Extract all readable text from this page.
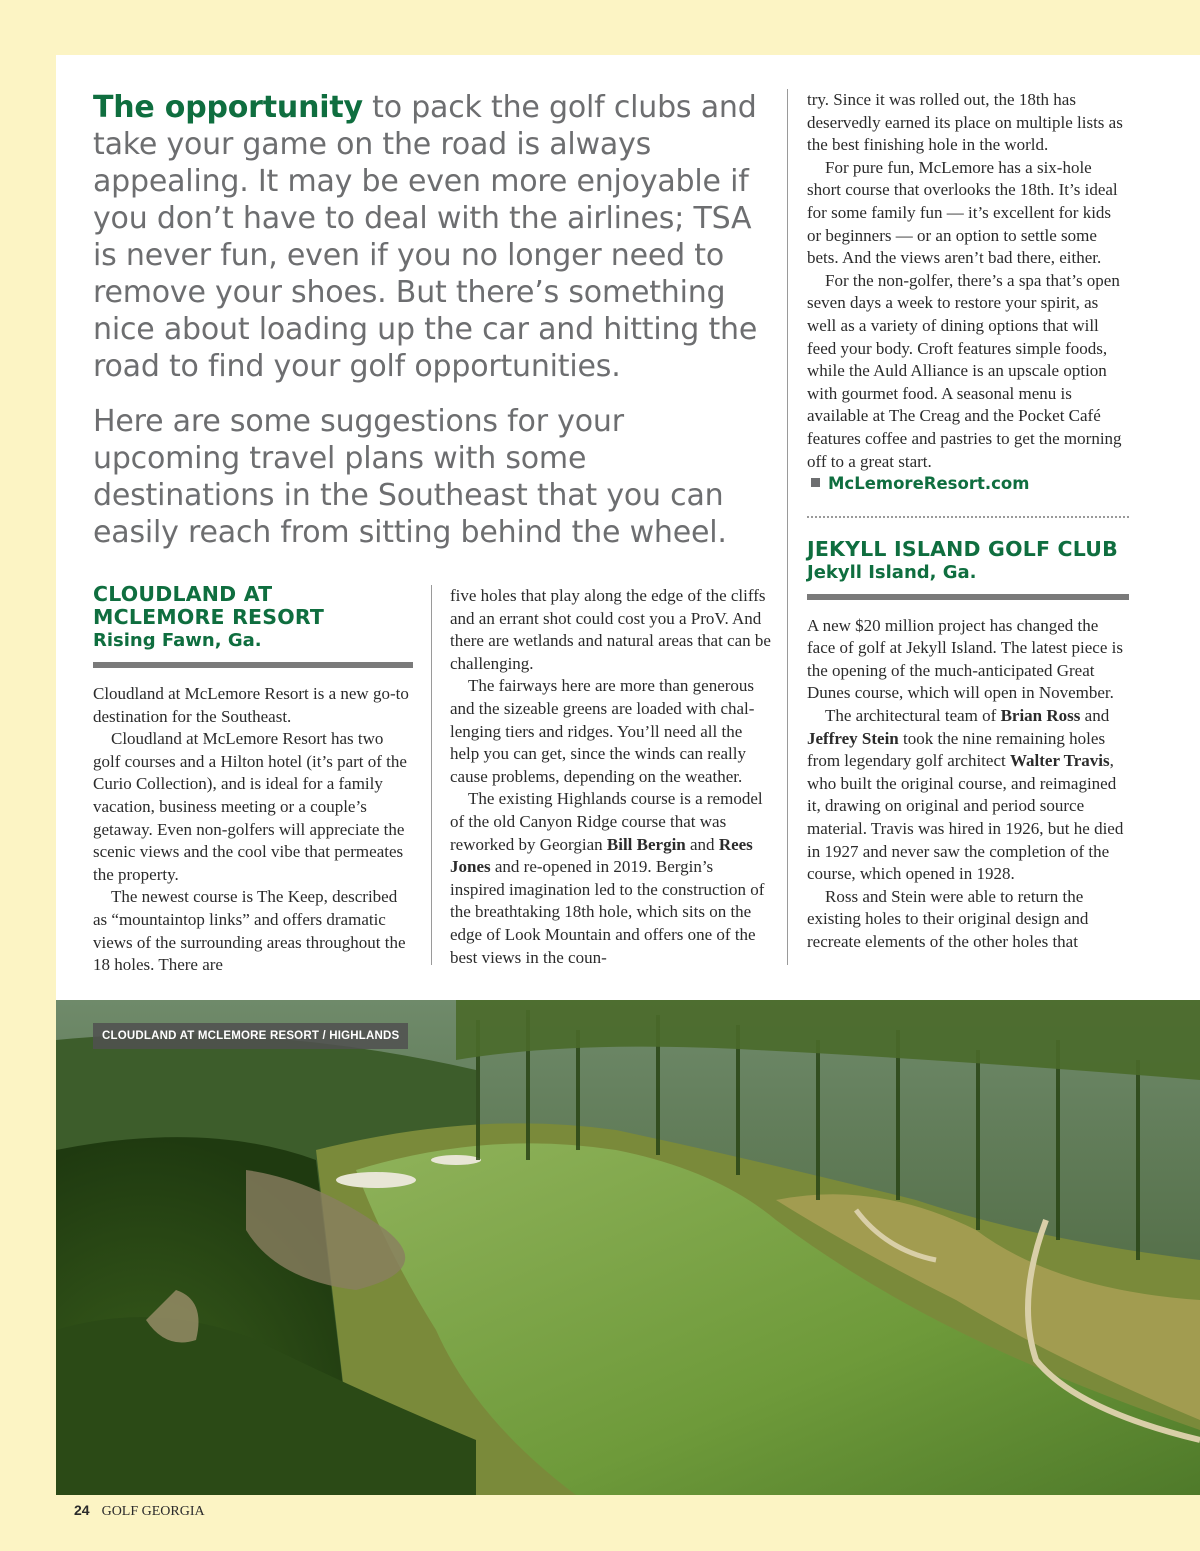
The opportunity to pack the golf clubs and take your game on the road is always appealing. It may be even more enjoyable if you don’t have to deal with the airlines; TSA is never fun, even if you no longer need to remove your shoes. But there’s something nice about loading up the car and hitting the road to find your golf opportunities.

Here are some suggestions for your upcoming travel plans with some destinations in the Southeast that you can easily reach from sitting behind the wheel.

CLOUDLAND AT
MCLEMORE RESORT
Rising Fawn, Ga.

Cloudland at McLemore Resort is a new go-to destination for the Southeast.

Cloudland at McLemore Resort has two golf courses and a Hilton hotel (it’s part of the Curio Collection), and is ideal for a family vacation, business meeting or a couple’s getaway. Even non-golfers will appreciate the scenic views and the cool vibe that permeates the property.

The newest course is The Keep, described as “mountaintop links” and offers dramatic views of the surrounding areas throughout the 18 holes. There are

five holes that play along the edge of the cliffs and an errant shot could cost you a ProV. And there are wetlands and natural areas that can be challenging.

The fairways here are more than generous and the sizeable greens are loaded with challenging tiers and ridges. You’ll need all the help you can get, since the winds can really cause problems, depending on the weather.

The existing Highlands course is a remodel of the old Canyon Ridge course that was reworked by Georgian Bill Bergin and Rees Jones and re-opened in 2019. Bergin’s inspired imagination led to the construction of the breathtaking 18th hole, which sits on the edge of Look Mountain and offers one of the best views in the coun-

try. Since it was rolled out, the 18th has deservedly earned its place on multiple lists as the best finishing hole in the world.

For pure fun, McLemore has a six-hole short course that overlooks the 18th. It’s ideal for some family fun — it’s excellent for kids or beginners — or an option to settle some bets. And the views aren’t bad there, either.

For the non-golfer, there’s a spa that’s open seven days a week to restore your spirit, as well as a variety of dining options that will feed your body. Croft features simple foods, while the Auld Alliance is an upscale option with gourmet food. A seasonal menu is available at The Creag and the Pocket Café features coffee and pastries to get the morning off to a great start.

McLemoreResort.com

JEKYLL ISLAND GOLF CLUB
Jekyll Island, Ga.

A new $20 million project has changed the face of golf at Jekyll Island. The latest piece is the opening of the much-anticipated Great Dunes course, which will open in November.

The architectural team of Brian Ross and Jeffrey Stein took the nine remaining holes from legendary golf architect Walter Travis, who built the original course, and reimagined it, drawing on original and period source material. Travis was hired in 1926, but he died in 1927 and never saw the completion of the course, which opened in 1928.

Ross and Stein were able to return the existing holes to their original design and recreate elements of the other holes that

CLOUDLAND AT MCLEMORE RESORT / HIGHLANDS
24 GOLF GEORGIA
